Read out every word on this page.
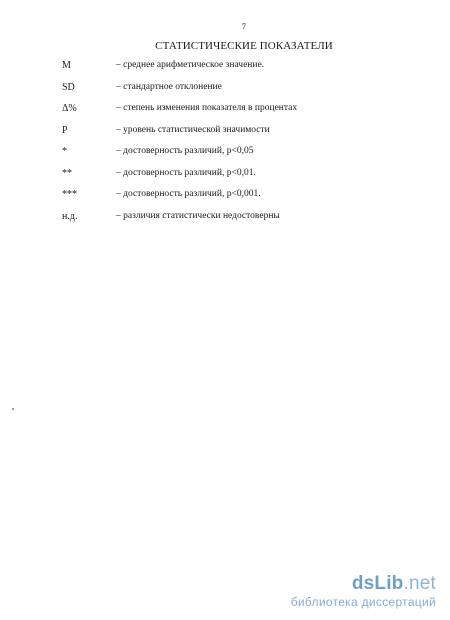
7
СТАТИСТИЧЕСКИЕ ПОКАЗАТЕЛИ
M	– среднее арифметическое значение.
SD	– стандартное отклонение
Δ%	– степень изменения показателя в процентах
P	– уровень статистической значимости
*	– достоверность различий, р<0,05
**	– достоверность различий, р<0,01.
***	– достоверность различий, р<0,001.
н.д.	– различия статистически недостоверны
dsLib.net
библиотека диссертаций
